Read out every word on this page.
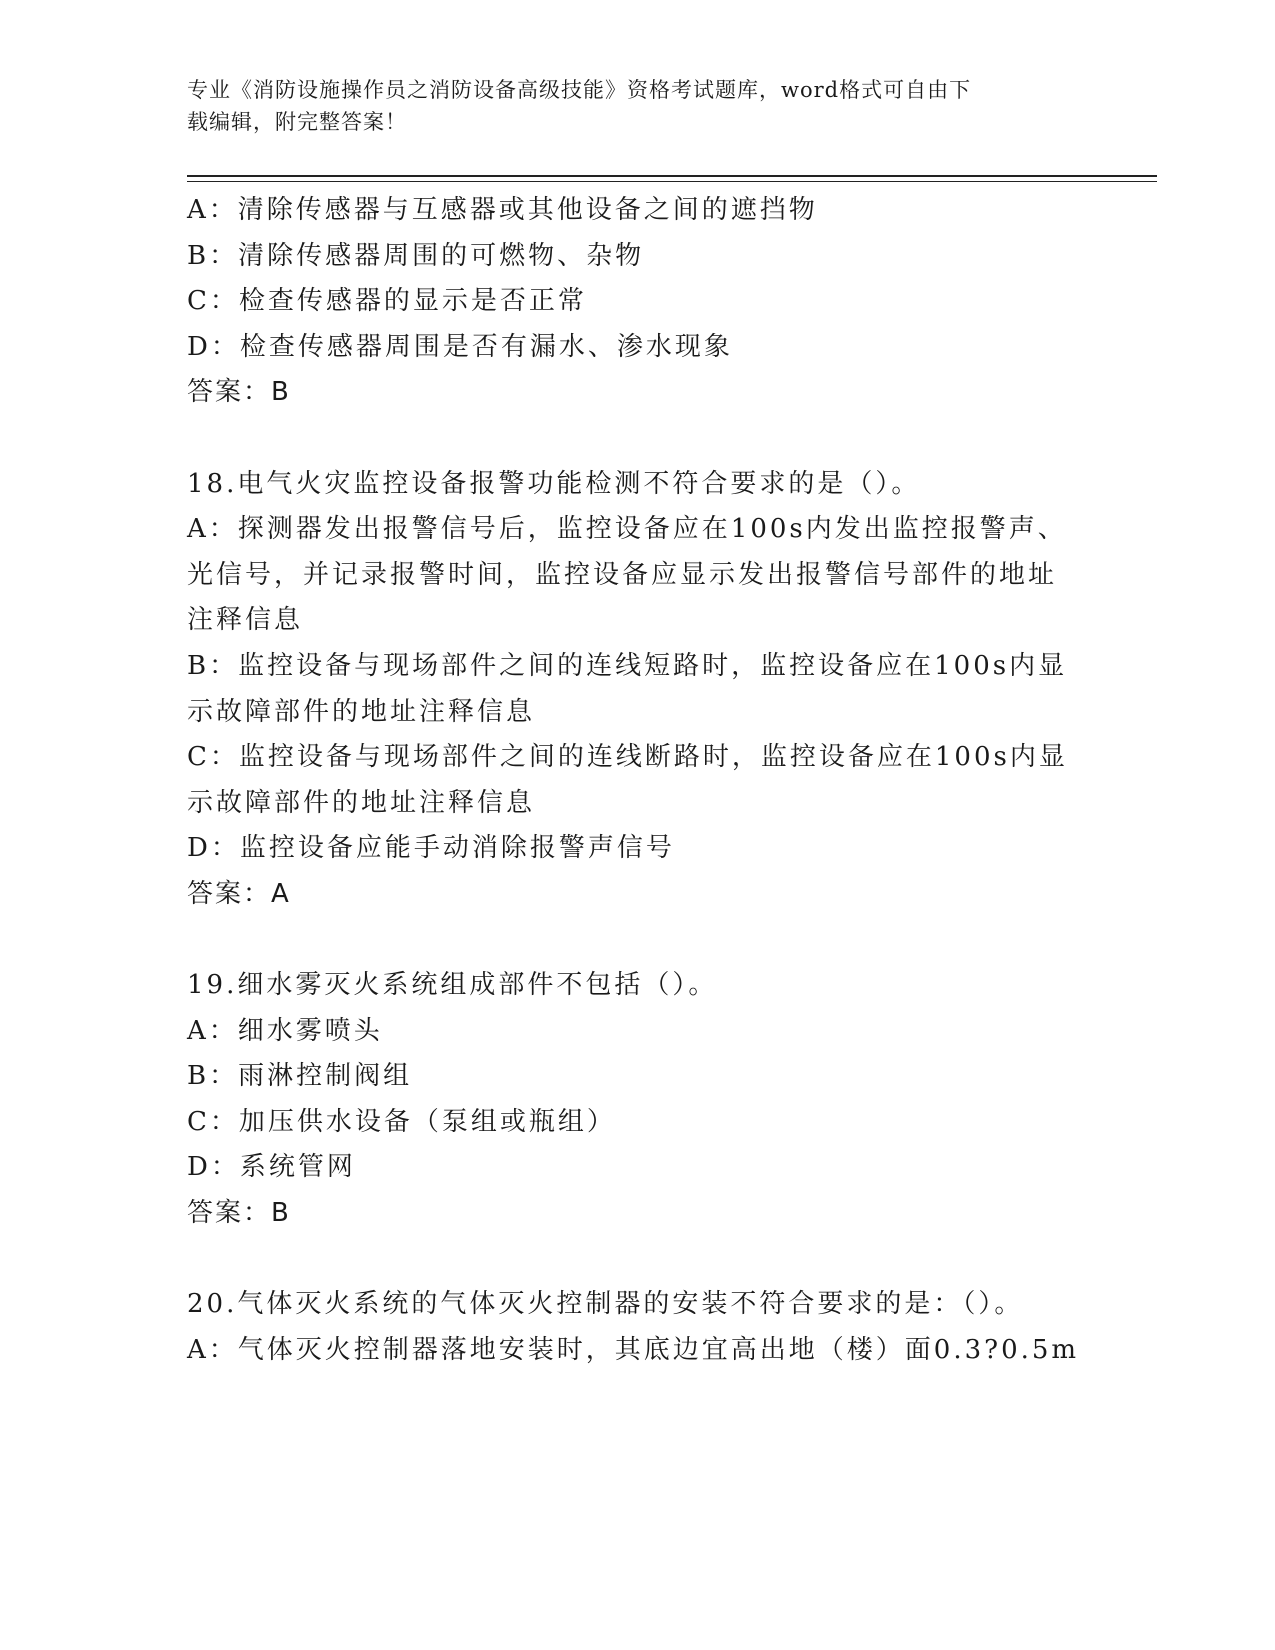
专业《消防设施操作员之消防设备高级技能》资格考试题库，word格式可自由下
载编辑，附完整答案！
A：清除传感器与互感器或其他设备之间的遮挡物
B：清除传感器周围的可燃物、杂物
C：检查传感器的显示是否正常
D：检查传感器周围是否有漏水、渗水现象
答案：B
18.电气火灾监控设备报警功能检测不符合要求的是（）。
A：探测器发出报警信号后，监控设备应在100s内发出监控报警声、
光信号，并记录报警时间，监控设备应显示发出报警信号部件的地址
注释信息
B：监控设备与现场部件之间的连线短路时，监控设备应在100s内显
示故障部件的地址注释信息
C：监控设备与现场部件之间的连线断路时，监控设备应在100s内显
示故障部件的地址注释信息
D：监控设备应能手动消除报警声信号
答案：A
19.细水雾灭火系统组成部件不包括（）。
A：细水雾喷头
B：雨淋控制阀组
C：加压供水设备（泵组或瓶组）
D：系统管网
答案：B
20.气体灭火系统的气体灭火控制器的安装不符合要求的是：（）。
A：气体灭火控制器落地安装时，其底边宜高出地（楼）面0.3?0.5m
